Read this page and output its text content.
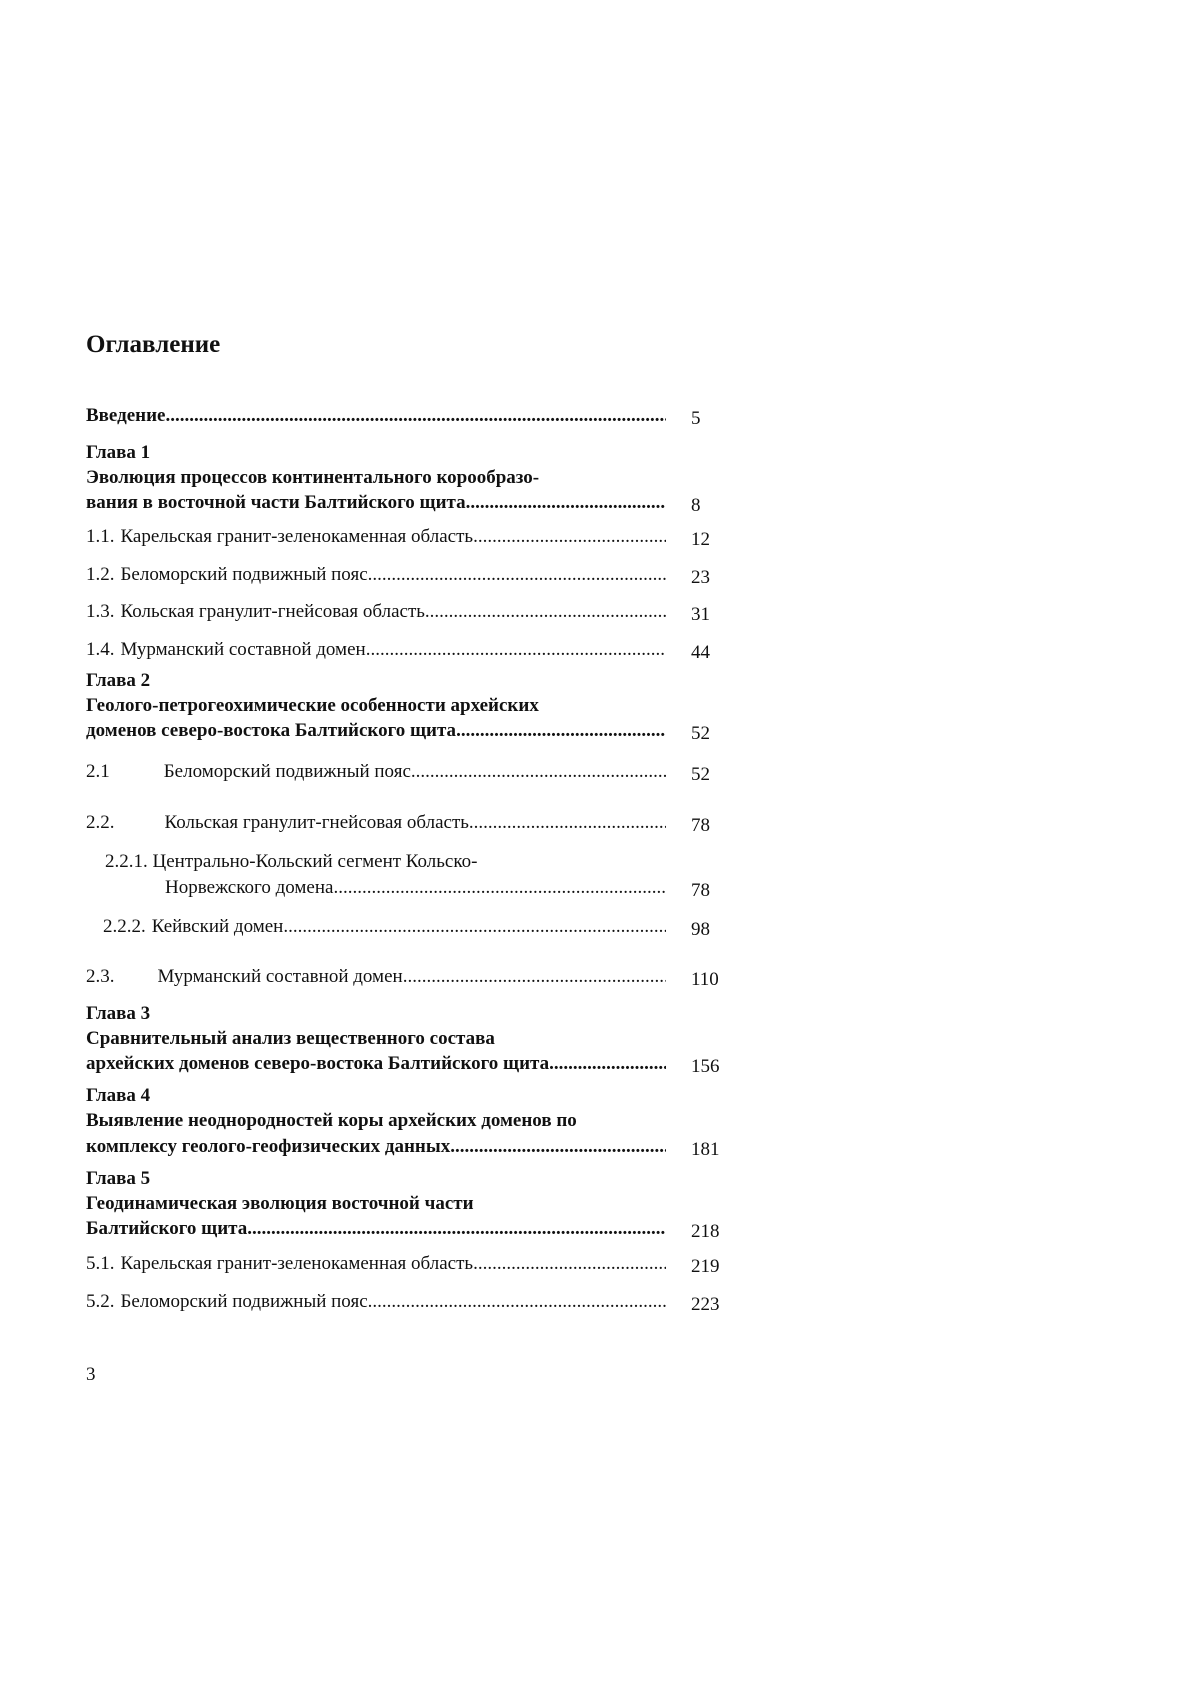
Оглавление
Введение .....	5
Глава 1
Эволюция процессов континентального корообразо-
вания в восточной части Балтийского щита .....	8
1.1. Карельская гранит-зеленокаменная область .....	12
1.2. Беломорский подвижный пояс .....	23
1.3. Кольская гранулит-гнейсовая область .....	31
1.4. Мурманский составной домен .....	44
Глава 2
Геолого-петрогеохимические особенности архейских
доменов северо-востока Балтийского щита .....	52
2.1	Беломорский подвижный пояс .....	52
2.2.	Кольская гранулит-гнейсовая область .....	78
2.2.1. Центрально-Кольский сегмент Кольско-
Норвежского домена .....	78
2.2.2. Кейвский домен .....	98
2.3. Мурманский составной домен .....	110
Глава 3
Сравнительный анализ вещественного состава
архейских доменов северо-востока Балтийского щита .....	156
Глава 4
Выявление неоднородностей коры архейских доменов по
комплексу геолого-геофизических данных .....	181
Глава 5
Геодинамическая эволюция восточной части
Балтийского щита .....	218
5.1. Карельская гранит-зеленокаменная область .....	219
5.2. Беломорский подвижный пояс .....	223
3
